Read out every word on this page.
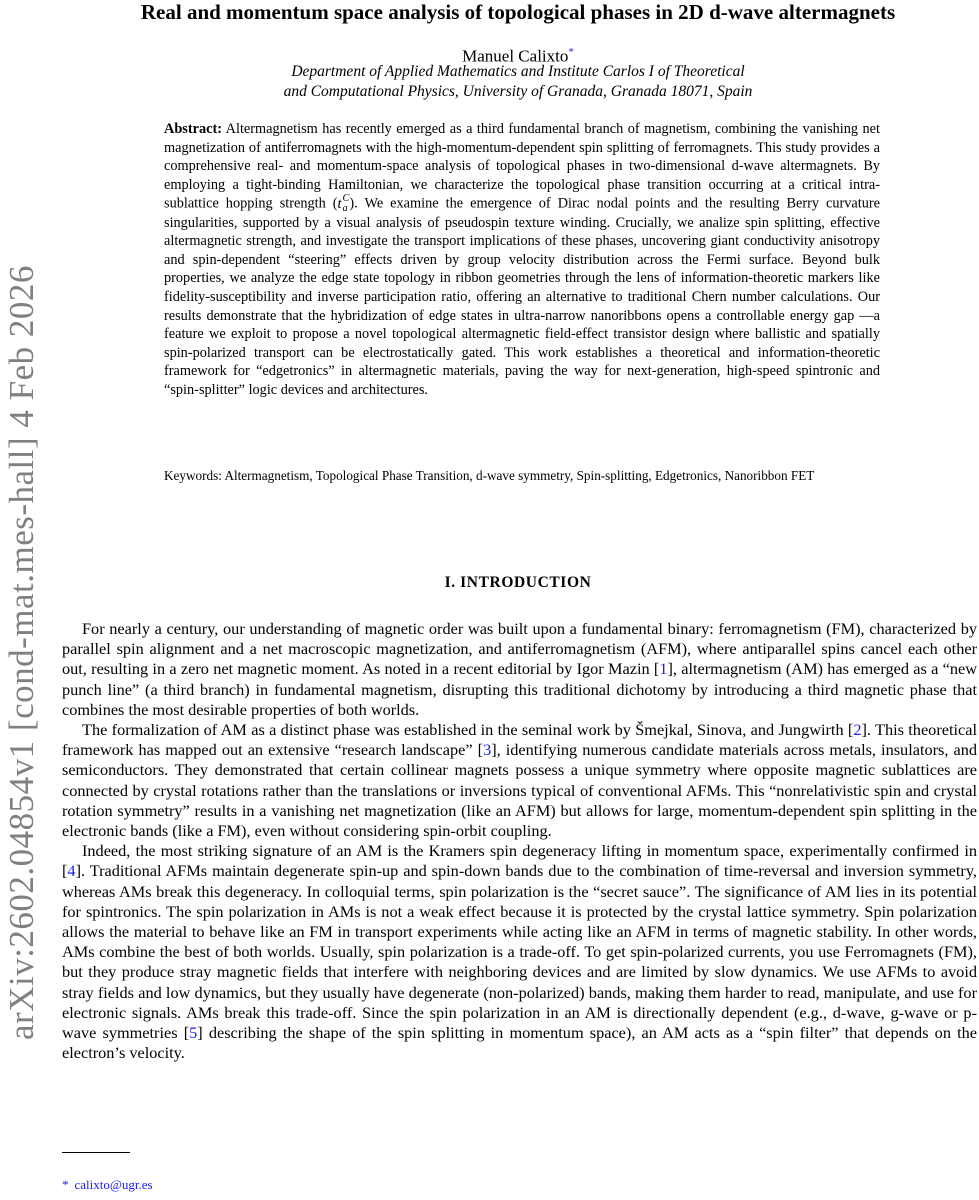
arXiv:2602.04854v1 [cond-mat.mes-hall] 4 Feb 2026
Real and momentum space analysis of topological phases in 2D d-wave altermagnets
Manuel Calixto*
Department of Applied Mathematics and Institute Carlos I of Theoretical
and Computational Physics, University of Granada, Granada 18071, Spain
Abstract: Altermagnetism has recently emerged as a third fundamental branch of magnetism, combining the vanishing net magnetization of antiferromagnets with the high-momentum-dependent spin splitting of ferromagnets. This study provides a comprehensive real- and momentum-space analysis of topological phases in two-dimensional d-wave altermagnets. By employing a tight-binding Hamiltonian, we characterize the topological phase transition occurring at a critical intra-sublattice hopping strength (t C
a ). We examine the emergence of Dirac nodal points and the resulting Berry curvature singularities, supported by a visual analysis of pseudospin texture winding. Crucially, we analize spin splitting, effective altermagnetic strength, and investigate the transport implications of these phases, uncovering giant conductivity anisotropy and spin-dependent “steering” effects driven by group velocity distribution across the Fermi surface. Beyond bulk properties, we analyze the edge state topology in ribbon geometries through the lens of information-theoretic markers like fidelity-susceptibility and inverse participation ratio, offering an alternative to traditional Chern number calculations. Our results demonstrate that the hybridization of edge states in ultra-narrow nanoribbons opens a controllable energy gap —a feature we exploit to propose a novel topological altermagnetic field-effect transistor design where ballistic and spatially spin-polarized transport can be electrostatically gated. This work establishes a theoretical and information-theoretic framework for “edgetronics” in altermagnetic materials, paving the way for next-generation, high-speed spintronic and “spin-splitter” logic devices and architectures.
Keywords: Altermagnetism, Topological Phase Transition, d-wave symmetry, Spin-splitting, Edgetronics, Nanoribbon FET
I. INTRODUCTION

For nearly a century, our understanding of magnetic order was built upon a fundamental binary: ferromagnetism (FM), characterized by parallel spin alignment and a net macroscopic magnetization, and antiferromagnetism (AFM), where antiparallel spins cancel each other out, resulting in a zero net magnetic moment. As noted in a recent editorial by Igor Mazin [1], altermagnetism (AM) has emerged as a “new punch line” (a third branch) in fundamental magnetism, disrupting this traditional dichotomy by introducing a third magnetic phase that combines the most desirable properties of both worlds.

The formalization of AM as a distinct phase was established in the seminal work by Šmejkal, Sinova, and Jungwirth [2]. This theoretical framework has mapped out an extensive “research landscape” [3], identifying numerous candidate materials across metals, insulators, and semiconductors. They demonstrated that certain collinear magnets possess a unique symmetry where opposite magnetic sublattices are connected by crystal rotations rather than the translations or inversions typical of conventional AFMs. This “nonrelativistic spin and crystal rotation symmetry” results in a vanishing net magnetization (like an AFM) but allows for large, momentum-dependent spin splitting in the electronic bands (like a FM), even without considering spin-orbit coupling.

Indeed, the most striking signature of an AM is the Kramers spin degeneracy lifting in momentum space, experimentally confirmed in [4]. Traditional AFMs maintain degenerate spin-up and spin-down bands due to the combination of time-reversal and inversion symmetry, whereas AMs break this degeneracy. In colloquial terms, spin polarization is the “secret sauce”. The significance of AM lies in its potential for spintronics. The spin polarization in AMs is not a weak effect because it is protected by the crystal lattice symmetry. Spin polarization allows the material to behave like an FM in transport experiments while acting like an AFM in terms of magnetic stability. In other words, AMs combine the best of both worlds. Usually, spin polarization is a trade-off. To get spin-polarized currents, you use Ferromagnets (FM), but they produce stray magnetic fields that interfere with neighboring devices and are limited by slow dynamics. We use AFMs to avoid stray fields and low dynamics, but they usually have degenerate (non-polarized) bands, making them harder to read, manipulate, and use for electronic signals. AMs break this trade-off. Since the spin polarization in an AM is directionally dependent (e.g., d-wave, g-wave or p-wave symmetries [5] describing the shape of the spin splitting in momentum space), an AM acts as a “spin filter” that depends on the electron’s velocity.

* calixto@ugr.es
